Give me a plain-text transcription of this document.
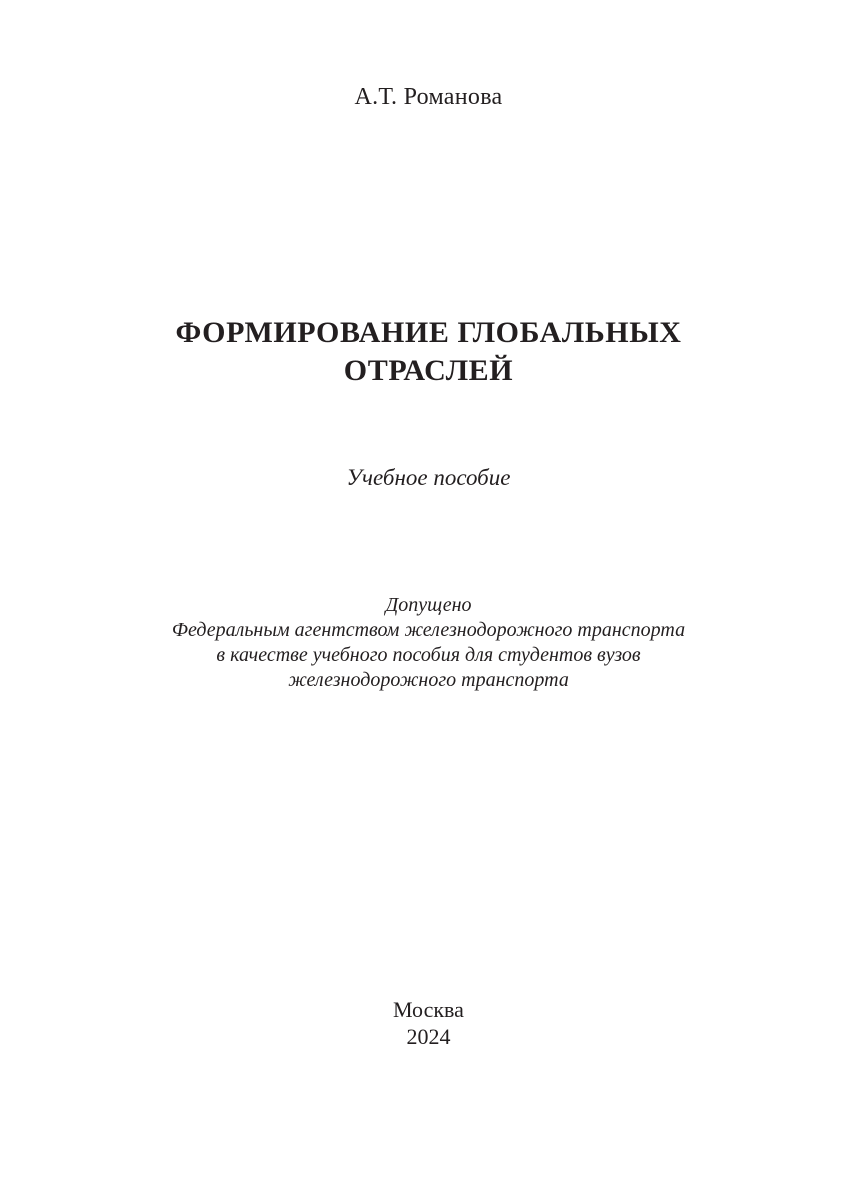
А.Т. Романова
ФОРМИРОВАНИЕ ГЛОБАЛЬНЫХ
ОТРАСЛЕЙ
Учебное пособие
Допущено
Федеральным агентством железнодорожного транспорта
в качестве учебного пособия для студентов вузов
железнодорожного транспорта
Москва
2024
